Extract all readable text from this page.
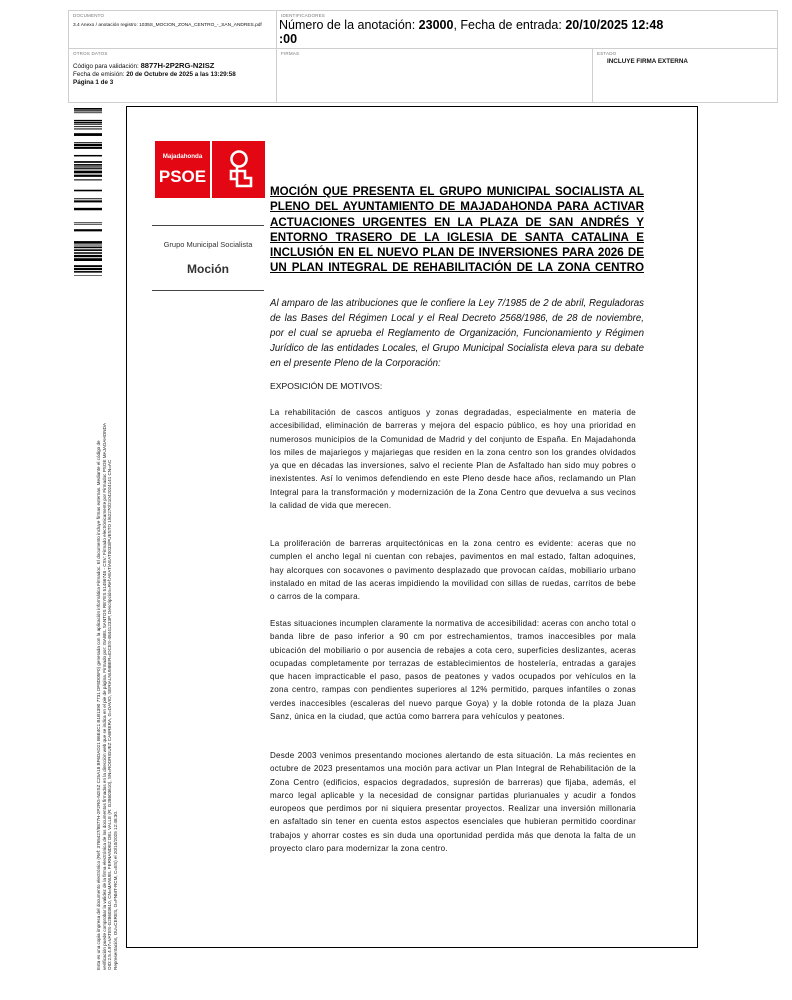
DOCUMENTO
3.4 Anexo / anotación registro: 1035S_MOCION_ZONA_CENTRO_-_SAN_ANDRES.pdf
IDENTIFICADORES
Número de la anotación: 23000, Fecha de entrada: 20/10/2025 12:48
:00
OTROS DATOS
Código para validación: 8877H-2P2RG-N2ISZ
Fecha de emisión: 20 de Octubre de 2025 a las 13:29:58
Página 1 de 3
FIRMAS	ESTADO
INCLUYE FIRMA EXTERNA
Esta es una copia impresa del documento electrónico (Ref: 3765427/8877H-2P2RG-N2ISZ C25A18 BF6DAD21 B6E4C1 B1B1390 7731 DF8D05F0) generada con la aplicación informática Firmadoc. El documento incluye firmas externas. Mediante el código de verificación puede comprobar la validez de la firma electrónica de los documentos firmados en la dirección web que se indica en el pie de página. Firmado por: ISABEL SANTOS REYES 51456748 - CSV: Firmado electrónicamente por Firmadoc PSOE MAJADAHONDA OID:2.5.4.97=VATES-G28603610, CN=MANUEL FERNANDEZ DEL VALLE (R: G28603610), SN=RODRIGUEZ CABRERA, G=DAVID, SERIALNUMBER=IDCES-48441233P, Descripción=Ref:AEAT/AEAT0033/PUESTO 1/62270/21042024141 CN=AC Representación, OU=CERES, O=FNMT-RCM, C=ES) el 20/10/2025 12:48:30.
Majadahonda
PSOE
Grupo Municipal Socialista
Moción
MOCIÓN QUE PRESENTA EL GRUPO MUNICIPAL SOCIALISTA AL
PLENO DEL AYUNTAMIENTO DE MAJADAHONDA PARA ACTIVAR
ACTUACIONES URGENTES EN LA PLAZA DE SAN ANDRÉS Y
ENTORNO TRASERO DE LA IGLESIA DE SANTA CATALINA E
INCLUSIÓN EN EL NUEVO PLAN DE INVERSIONES PARA 2026 DE
UN PLAN INTEGRAL DE REHABILITACIÓN DE LA ZONA CENTRO
Al amparo de las atribuciones que le confiere la Ley 7/1985 de 2 de abril, Reguladoras de las Bases del Régimen Local y el Real Decreto 2568/1986, de 28 de noviembre, por el cual se aprueba el Reglamento de Organización, Funcionamiento y Régimen Jurídico de las entidades Locales, el Grupo Municipal Socialista eleva para su debate en el presente Pleno de la Corporación:
EXPOSICIÓN DE MOTIVOS:
La rehabilitación de cascos antiguos y zonas degradadas, especialmente en materia de accesibilidad, eliminación de barreras y mejora del espacio público, es hoy una prioridad en numerosos municipios de la Comunidad de Madrid y del conjunto de España. En Majadahonda los miles de majariegos y majariegas que residen en la zona centro son los grandes olvidados ya que en décadas las inversiones, salvo el reciente Plan de Asfaltado han sido muy pobres o inexistentes. Así lo venimos defendiendo en este Pleno desde hace años, reclamando un Plan Integral para la transformación y modernización de la Zona Centro que devuelva a sus vecinos la calidad de vida que merecen.
La proliferación de barreras arquitectónicas en la zona centro es evidente: aceras que no cumplen el ancho legal ni cuentan con rebajes, pavimentos en mal estado, faltan adoquines, hay alcorques con socavones o pavimento desplazado que provocan caídas, mobiliario urbano instalado en mitad de las aceras impidiendo la movilidad con sillas de ruedas, carritos de bebe o carros de la compara.
Estas situaciones incumplen claramente la normativa de accesibilidad: aceras con ancho total o banda libre de paso inferior a 90 cm por estrechamientos, tramos inaccesibles por mala ubicación del mobiliario o por ausencia de rebajes a cota cero, superficies deslizantes, aceras ocupadas completamente por terrazas de establecimientos de hostelería, entradas a garajes que hacen impracticable el paso, pasos de peatones y vados ocupados por vehículos en la zona centro, rampas con pendientes superiores al 12% permitido, parques infantiles o zonas verdes inaccesibles (escaleras del nuevo parque Goya) y la doble rotonda de la plaza Juan Sanz, única en la ciudad, que actúa como barrera para vehículos y peatones.
Desde 2003 venimos presentando mociones alertando de esta situación. La más recientes en octubre de 2023 presentamos una moción para activar un Plan Integral de Rehabilitación de la Zona Centro (edificios, espacios degradados, supresión de barreras) que fijaba, además, el marco legal aplicable y la necesidad de consignar partidas plurianuales y acudir a fondos europeos que perdimos por ni siquiera presentar proyectos. Realizar una inversión millonaria en asfaltado sin tener en cuenta estos aspectos esenciales que hubieran permitido coordinar trabajos y ahorrar costes es sin duda una oportunidad perdida más que denota la falta de un proyecto claro para modernizar la zona centro.
